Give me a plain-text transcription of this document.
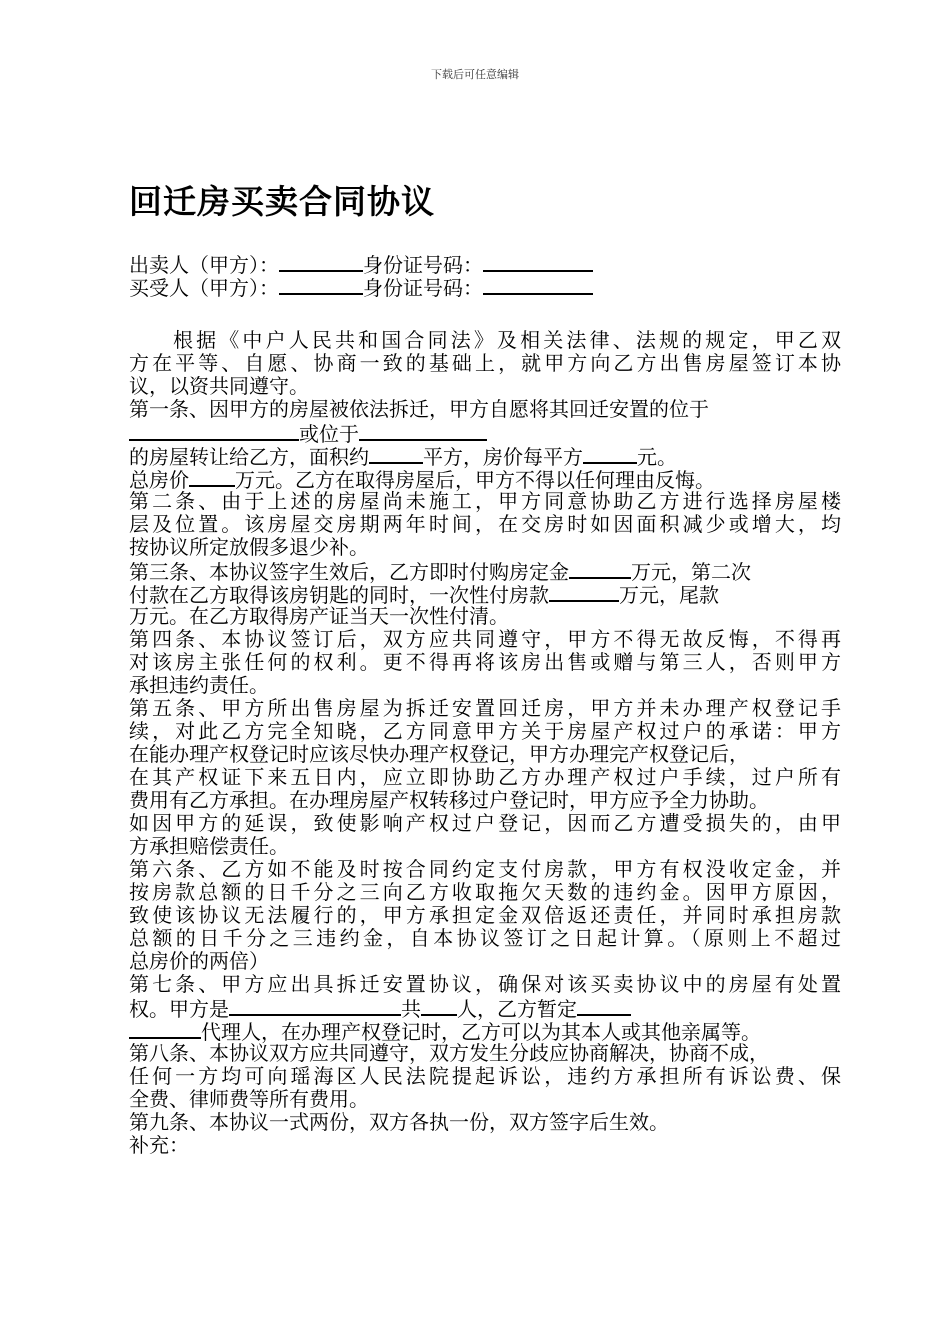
下载后可任意编辑
回迁房买卖合同协议
出卖人（甲方）：	身份证号码：
买受人（甲方）：	身份证号码：
根据《中户人民共和国合同法》及相关法律、法规的规定，甲乙双
方在平等、自愿、协商一致的基础上，就甲方向乙方出售房屋签订本协
议，以资共同遵守。
第一条、因甲方的房屋被依法拆迁，甲方自愿将其回迁安置的位于
或位于
的房屋转让给乙方，面积约	平方，房价每平方	元。
总房价 万元。乙方在取得房屋后，甲方不得以任何理由反悔。
第二条、由于上述的房屋尚未施工，甲方同意协助乙方进行选择房屋楼
层及位置。该房屋交房期两年时间，在交房时如因面积减少或增大，均
按协议所定放假多退少补。
第三条、本协议签字生效后，乙方即时付购房定金	万元，第二次
付款在乙方取得该房钥匙的同时，一次性付房款	万元，尾款
万元。在乙方取得房产证当天一次性付清。
第四条、本协议签订后，双方应共同遵守，甲方不得无故反悔，不得再
对该房主张任何的权利。更不得再将该房出售或赠与第三人，否则甲方
承担违约责任。
第五条、甲方所出售房屋为拆迁安置回迁房，甲方并未办理产权登记手
续，对此乙方完全知晓，乙方同意甲方关于房屋产权过户的承诺：甲方
在能办理产权登记时应该尽快办理产权登记，甲方办理完产权登记后，
在其产权证下来五日内，应立即协助乙方办理产权过户手续，过户所有
费用有乙方承担。在办理房屋产权转移过户登记时，甲方应予全力协助。
如因甲方的延误，致使影响产权过户登记，因而乙方遭受损失的，由甲
方承担赔偿责任。
第六条、乙方如不能及时按合同约定支付房款，甲方有权没收定金，并
按房款总额的日千分之三向乙方收取拖欠天数的违约金。因甲方原因，
致使该协议无法履行的，甲方承担定金双倍返还责任，并同时承担房款
总额的日千分之三违约金，自本协议签订之日起计算。（原则上不超过
总房价的两倍）
第七条、甲方应出具拆迁安置协议，确保对该买卖协议中的房屋有处置
权。甲方是	共 人，乙方暂定
代理人，在办理产权登记时，乙方可以为其本人或其他亲属等。
第八条、本协议双方应共同遵守，双方发生分歧应协商解决，协商不成，
任何一方均可向瑶海区人民法院提起诉讼，违约方承担所有诉讼费、保
全费、律师费等所有费用。
第九条、本协议一式两份，双方各执一份，双方签字后生效。
补充：
